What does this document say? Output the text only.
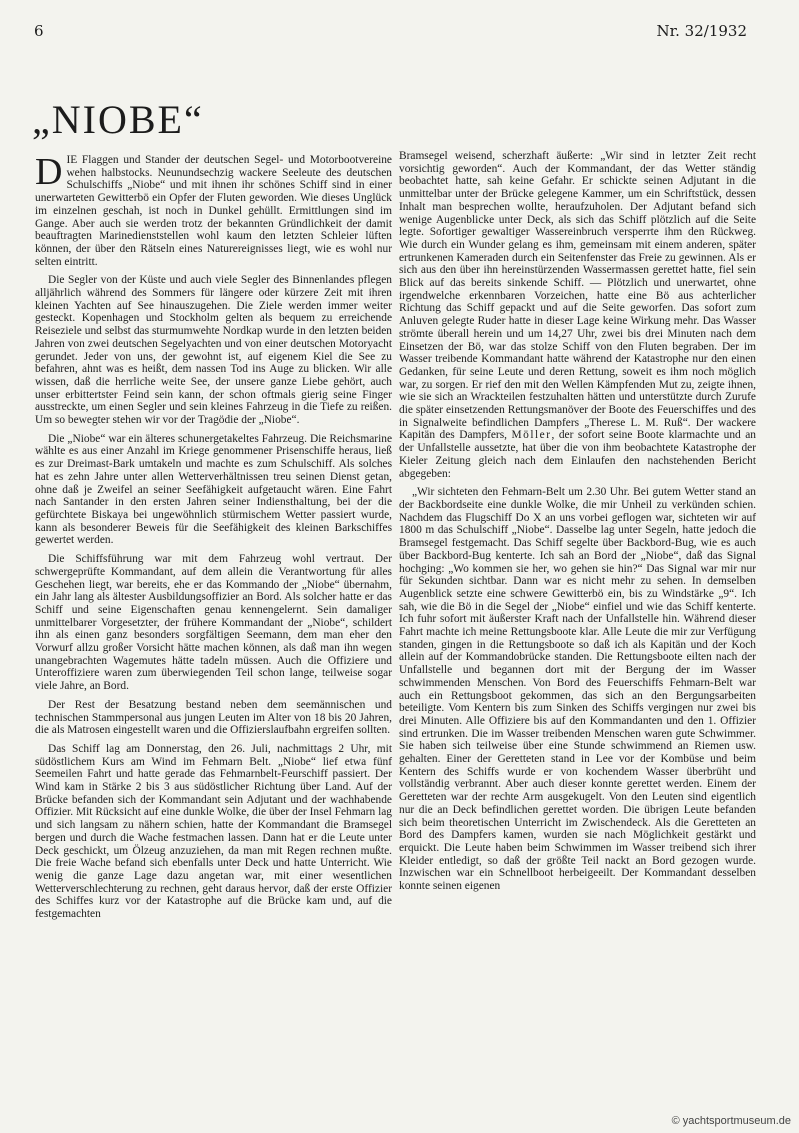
6	Nr. 32/1932
„NIOBE“

DIE Flaggen und Stander der deutschen Segel- und Motorbootvereine wehen halbstocks. Neunundsechzig wackere Seeleute des deutschen Schulschiffs „Niobe“ und mit ihnen ihr schönes Schiff sind in einer unerwarteten Gewitterbö ein Opfer der Fluten geworden. Wie dieses Unglück im einzelnen geschah, ist noch in Dunkel gehüllt. Ermittlungen sind im Gange. Aber auch sie werden trotz der bekannten Gründlichkeit der damit beauftragten Marinedienststellen wohl kaum den letzten Schleier lüften können, der über den Rätseln eines Naturereignisses liegt, wie es wohl nur selten eintritt.

Die Segler von der Küste und auch viele Segler des Binnenlandes pflegen alljährlich während des Sommers für längere oder kürzere Zeit mit ihren kleinen Yachten auf See hinauszugehen. Die Ziele werden immer weiter gesteckt. Kopenhagen und Stockholm gelten als bequem zu erreichende Reiseziele und selbst das sturmumwehte Nordkap wurde in den letzten beiden Jahren von zwei deutschen Segelyachten und von einer deutschen Motoryacht gerundet. Jeder von uns, der gewohnt ist, auf eigenem Kiel die See zu befahren, ahnt was es heißt, dem nassen Tod ins Auge zu blicken. Wir alle wissen, daß die herrliche weite See, der unsere ganze Liebe gehört, auch unser erbittertster Feind sein kann, der schon oftmals gierig seine Finger ausstreckte, um einen Segler und sein kleines Fahrzeug in die Tiefe zu reißen. Um so bewegter stehen wir vor der Tragödie der „Niobe“.

Die „Niobe“ war ein älteres schunergetakeltes Fahrzeug. Die Reichsmarine wählte es aus einer Anzahl im Kriege genommener Prisenschiffe heraus, ließ es zur Dreimast-Bark umtakeln und machte es zum Schulschiff. Als solches hat es zehn Jahre unter allen Wetterverhältnissen treu seinen Dienst getan, ohne daß je Zweifel an seiner Seefähigkeit aufgetaucht wären. Eine Fahrt nach Santander in den ersten Jahren seiner Indiensthaltung, bei der die gefürchtete Biskaya bei ungewöhnlich stürmischem Wetter passiert wurde, kann als besonderer Beweis für die Seefähigkeit des kleinen Barkschiffes gewertet werden.

Die Schiffsführung war mit dem Fahrzeug wohl vertraut. Der schwergeprüfte Kommandant, auf dem allein die Verantwortung für alles Geschehen liegt, war bereits, ehe er das Kommando der „Niobe“ übernahm, ein Jahr lang als ältester Ausbildungsoffizier an Bord. Als solcher hatte er das Schiff und seine Eigenschaften genau kennengelernt. Sein damaliger unmittelbarer Vorgesetzter, der frühere Kommandant der „Niobe“, schildert ihn als einen ganz besonders sorgfältigen Seemann, dem man eher den Vorwurf allzu großer Vorsicht hätte machen können, als daß man ihn wegen unangebrachten Wagemutes hätte tadeln müssen. Auch die Offiziere und Unteroffiziere waren zum überwiegenden Teil schon lange, teilweise sogar viele Jahre, an Bord.

Der Rest der Besatzung bestand neben dem seemännischen und technischen Stammpersonal aus jungen Leuten im Alter von 18 bis 20 Jahren, die als Matrosen eingestellt waren und die Offizierslaufbahn ergreifen sollten.

Das Schiff lag am Donnerstag, den 26. Juli, nachmittags 2 Uhr, mit südöstlichem Kurs am Wind im Fehmarn Belt. „Niobe“ lief etwa fünf Seemeilen Fahrt und hatte gerade das Fehmarnbelt-Feurschiff passiert. Der Wind kam in Stärke 2 bis 3 aus südöstlicher Richtung über Land. Auf der Brücke befanden sich der Kommandant sein Adjutant und der wachhabende Offizier. Mit Rücksicht auf eine dunkle Wolke, die über der Insel Fehmarn lag und sich langsam zu nähern schien, hatte der Kommandant die Bramsegel bergen und durch die Wache festmachen lassen. Dann hat er die Leute unter Deck geschickt, um Ölzeug anzuziehen, da man mit Regen rechnen mußte. Die freie Wache befand sich ebenfalls unter Deck und hatte Unterricht. Wie wenig die ganze Lage dazu angetan war, mit einer wesentlichen Wetterverschlechterung zu rechnen, geht daraus hervor, daß der erste Offizier des Schiffes kurz vor der Katastrophe auf die Brücke kam und, auf die festgemachten

Bramsegel weisend, scherzhaft äußerte: „Wir sind in letzter Zeit recht vorsichtig geworden“. Auch der Kommandant, der das Wetter ständig beobachtet hatte, sah keine Gefahr. Er schickte seinen Adjutant in die unmittelbar unter der Brücke gelegene Kammer, um ein Schriftstück, dessen Inhalt man besprechen wollte, heraufzuholen. Der Adjutant befand sich wenige Augenblicke unter Deck, als sich das Schiff plötzlich auf die Seite legte. Sofortiger gewaltiger Wassereinbruch versperrte ihm den Rückweg. Wie durch ein Wunder gelang es ihm, gemeinsam mit einem anderen, später ertrunkenen Kameraden durch ein Seitenfenster das Freie zu gewinnen. Als er sich aus den über ihn hereinstürzenden Wassermassen gerettet hatte, fiel sein Blick auf das bereits sinkende Schiff. — Plötzlich und unerwartet, ohne irgendwelche erkennbaren Vorzeichen, hatte eine Bö aus achterlicher Richtung das Schiff gepackt und auf die Seite geworfen. Das sofort zum Anluven gelegte Ruder hatte in dieser Lage keine Wirkung mehr. Das Wasser strömte überall herein und um 14,27 Uhr, zwei bis drei Minuten nach dem Einsetzen der Bö, war das stolze Schiff von den Fluten begraben. Der im Wasser treibende Kommandant hatte während der Katastrophe nur den einen Gedanken, für seine Leute und deren Rettung, soweit es ihm noch möglich war, zu sorgen. Er rief den mit den Wellen Kämpfenden Mut zu, zeigte ihnen, wie sie sich an Wrackteilen festzuhalten hätten und unterstützte durch Zurufe die später einsetzenden Rettungsmanöver der Boote des Feuerschiffes und des in Signalweite befindlichen Dampfers „Therese L. M. Ruß“. Der wackere Kapitän des Dampfers, Möller, der sofort seine Boote klarmachte und an der Unfallstelle aussetzte, hat über die von ihm beobachtete Katastrophe der Kieler Zeitung gleich nach dem Einlaufen den nachstehenden Bericht abgegeben:

„Wir sichteten den Fehmarn-Belt um 2.30 Uhr. Bei gutem Wetter stand an der Backbordseite eine dunkle Wolke, die mir Unheil zu verkünden schien. Nachdem das Flugschiff Do X an uns vorbei geflogen war, sichteten wir auf 1800 m das Schulschiff „Niobe“. Dasselbe lag unter Segeln, hatte jedoch die Bramsegel festgemacht. Das Schiff segelte über Backbord-Bug, wie es auch über Backbord-Bug kenterte. Ich sah an Bord der „Niobe“, daß das Signal hochging: „Wo kommen sie her, wo gehen sie hin?“ Das Signal war mir nur für Sekunden sichtbar. Dann war es nicht mehr zu sehen. In demselben Augenblick setzte eine schwere Gewitterbö ein, bis zu Windstärke „9“. Ich sah, wie die Bö in die Segel der „Niobe“ einfiel und wie das Schiff kenterte. Ich fuhr sofort mit äußerster Kraft nach der Unfallstelle hin. Während dieser Fahrt machte ich meine Rettungsboote klar. Alle Leute die mir zur Verfügung standen, gingen in die Rettungsboote so daß ich als Kapitän und der Koch allein auf der Kommandobrücke standen. Die Rettungsboote eilten nach der Unfallstelle und begannen dort mit der Bergung der im Wasser schwimmenden Menschen. Von Bord des Feuerschiffs Fehmarn-Belt war auch ein Rettungsboot gekommen, das sich an den Bergungsarbeiten beteiligte. Vom Kentern bis zum Sinken des Schiffs vergingen nur zwei bis drei Minuten. Alle Offiziere bis auf den Kommandanten und den 1. Offizier sind ertrunken. Die im Wasser treibenden Menschen waren gute Schwimmer. Sie haben sich teilweise über eine Stunde schwimmend an Riemen usw. gehalten. Einer der Geretteten stand in Lee vor der Kombüse und beim Kentern des Schiffs wurde er von kochendem Wasser überbrüht und vollständig verbrannt. Aber auch dieser konnte gerettet werden. Einem der Geretteten war der rechte Arm ausgekugelt. Von den Leuten sind eigentlich nur die an Deck befindlichen gerettet worden. Die übrigen Leute befanden sich beim theoretischen Unterricht im Zwischendeck. Als die Geretteten an Bord des Dampfers kamen, wurden sie nach Möglichkeit gestärkt und erquickt. Die Leute haben beim Schwimmen im Wasser treibend sich ihrer Kleider entledigt, so daß der größte Teil nackt an Bord gezogen wurde. Inzwischen war ein Schnellboot herbeigeeilt. Der Kommandant desselben konnte seinen eigenen

© yachtsportmuseum.de
